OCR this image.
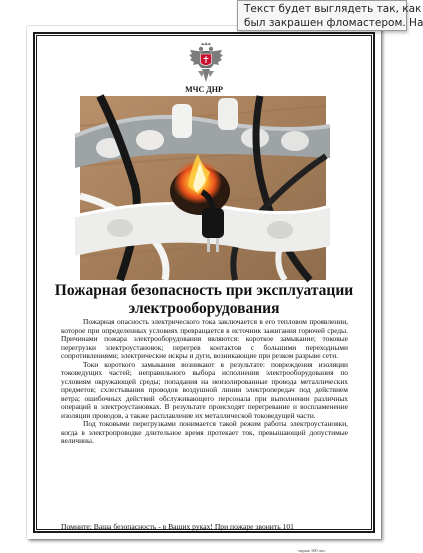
Текст будет выглядеть так, как
был закрашен фломастером. На
МЧС ДНР
Пожарная безопасность при эксплуатации
электрооборудования

Пожарная опасность электрического тока заключается в его тепловом проявлении, которое при определенных условиях превращается в источник зажигания горючей среды. Причинами пожара электрооборудования являются: короткое замыкание; токовые перегрузки электроустановок; перегрев контактов с большими переходными сопротивлениями; электрические искры и дуги, возникающие при резком разрыве сети.

Токи короткого замыкания возникают в результате: повреждения изоляции токоведущих частей; неправильного выбора исполнения электрооборудования по условиям окружающей среды; попадания на неизолированные провода металлических предметов; схлестывания проводов воздушной линии электропередач под действием ветра; ошибочных действий обслуживающего персонала при выполнении различных операций в электроустановках. В результате происходят перегревание и воспламенение изоляции проводов, а также расплавление их металлической токоведущей части.

Под токовыми перегрузками понимается такой режим работы электроустановки, когда в электропроводке длительное время протекает ток, превышающий допустимые величины.

Помните: Ваша безопасность - в Ваших руках! При пожаре звонить 101
тираж 100 экз.
